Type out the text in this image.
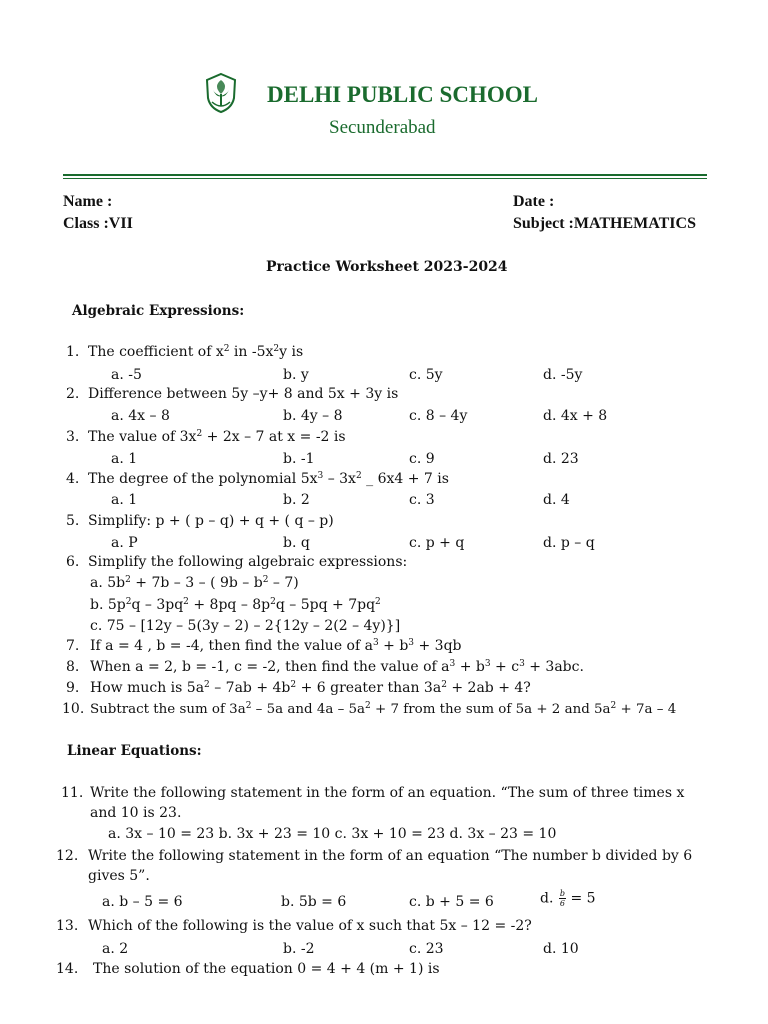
DELHI PUBLIC SCHOOL
Secunderabad
Name :
Class :VII
Date :
Subject :MATHEMATICS
Practice Worksheet 2023-2024
Algebraic Expressions:
1. The coefficient of $x^2$ in $-5x^2y$ is
a. -5	b. y	c. 5y	d. -5y
2. Difference between 5y –y+ 8 and 5x + 3y is
a. 4x – 8	b. 4y – 8	c. 8 – 4y	d. 4x + 8
3. The value of $3x^2 + 2x - 7$ at x = -2 is
a. 1	b. -1	c. 9	d. 23
4. The degree of the polynomial $5x^3 - 3x^2$ _ 6x4 + 7 is
a. 1	b. 2	c. 3	d. 4
5. Simplify: p + ( p – q) + q + ( q – p)
a. P	b. q	c. p + q	d. p – q
6. Simplify the following algebraic expressions:
a. $5b^2 + 7b - 3$ – ( $9b - b^2 - 7$)
b. $5p^2q - 3pq^2 + 8pq - 8p^2q - 5pq + 7pq^2$
c. 75 – [12y – 5(3y – 2) – 2{12y – 2(2 – 4y)}]
7. If a = 4 , b = -4, then find the value of $a^3 + b^3 + 3qb$
8. When a = 2, b = -1, c = -2, then find the value of $a^3 + b^3 + c^3 + 3abc$.
9. How much is $5a^2 - 7ab + 4b^2 + 6$ greater than $3a^2 + 2ab + 4$?
10. Subtract the sum of $3a^2 - 5a$ and $4a - 5a^2 + 7$ from the sum of 5a + 2 and $5a^2 + 7a - 4$
Linear Equations:
11. Write the following statement in the form of an equation. “The sum of three times x
and 10 is 23.
a. 3x – 10 = 23 b. 3x + 23 = 10 c. 3x + 10 = 23 d. 3x – 23 = 10
12. Write the following statement in the form of an equation “The number b divided by 6
gives 5”.
a. b – 5 = 6	b. 5b = 6	c. b + 5 = 6	d. $\frac{b}{6} = 5$
13. Which of the following is the value of x such that 5x – 12 = -2?
a. 2	b. -2	c. 23	d. 10
14. The solution of the equation 0 = 4 + 4 (m + 1) is
